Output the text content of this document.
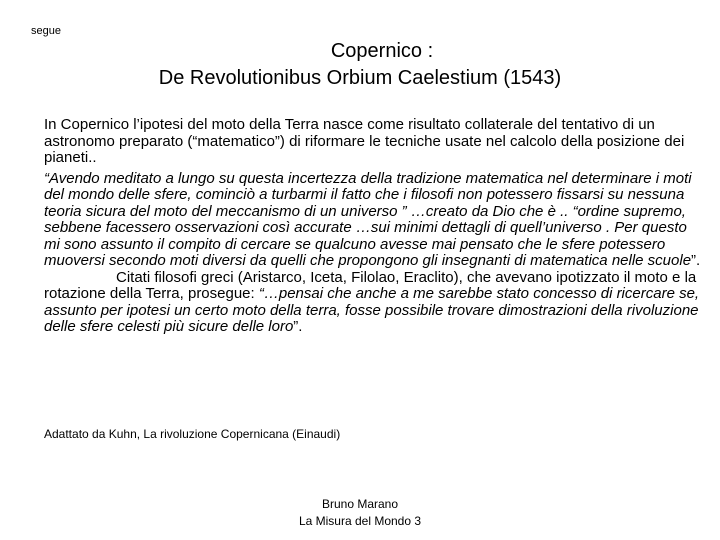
segue
Copernico :
De Revolutionibus Orbium Caelestium (1543)

In Copernico l’ipotesi del moto della Terra nasce come risultato collaterale del tentativo di un astronomo preparato (“matematico”) di riformare le tecniche usate nel calcolo della posizione dei pianeti..

“Avendo meditato a lungo su questa incertezza della tradizione matematica nel determinare i moti del mondo delle sfere, cominciò a turbarmi il fatto che i filosofi non potessero fissarsi su nessuna teoria sicura del moto del meccanismo di un universo ” …creato da Dio che è .. “ordine supremo, sebbene facessero osservazioni così accurate …sui minimi dettagli di quell’universo . Per questo mi sono assunto il compito di cercare se qualcuno avesse mai pensato che le sfere potessero muoversi secondo moti diversi da quelli che propongono gli insegnanti di matematica nelle scuole”.

Citati filosofi greci (Aristarco, Iceta, Filolao, Eraclito), che avevano ipotizzato il moto e la rotazione della Terra, prosegue: “…pensai che anche a me sarebbe stato concesso di ricercare se, assunto per ipotesi un certo moto della terra, fosse possibile trovare dimostrazioni della rivoluzione delle sfere celesti più sicure delle loro”.

Adattato da Kuhn, La rivoluzione Copernicana (Einaudi)
Bruno Marano
La Misura del Mondo 3
